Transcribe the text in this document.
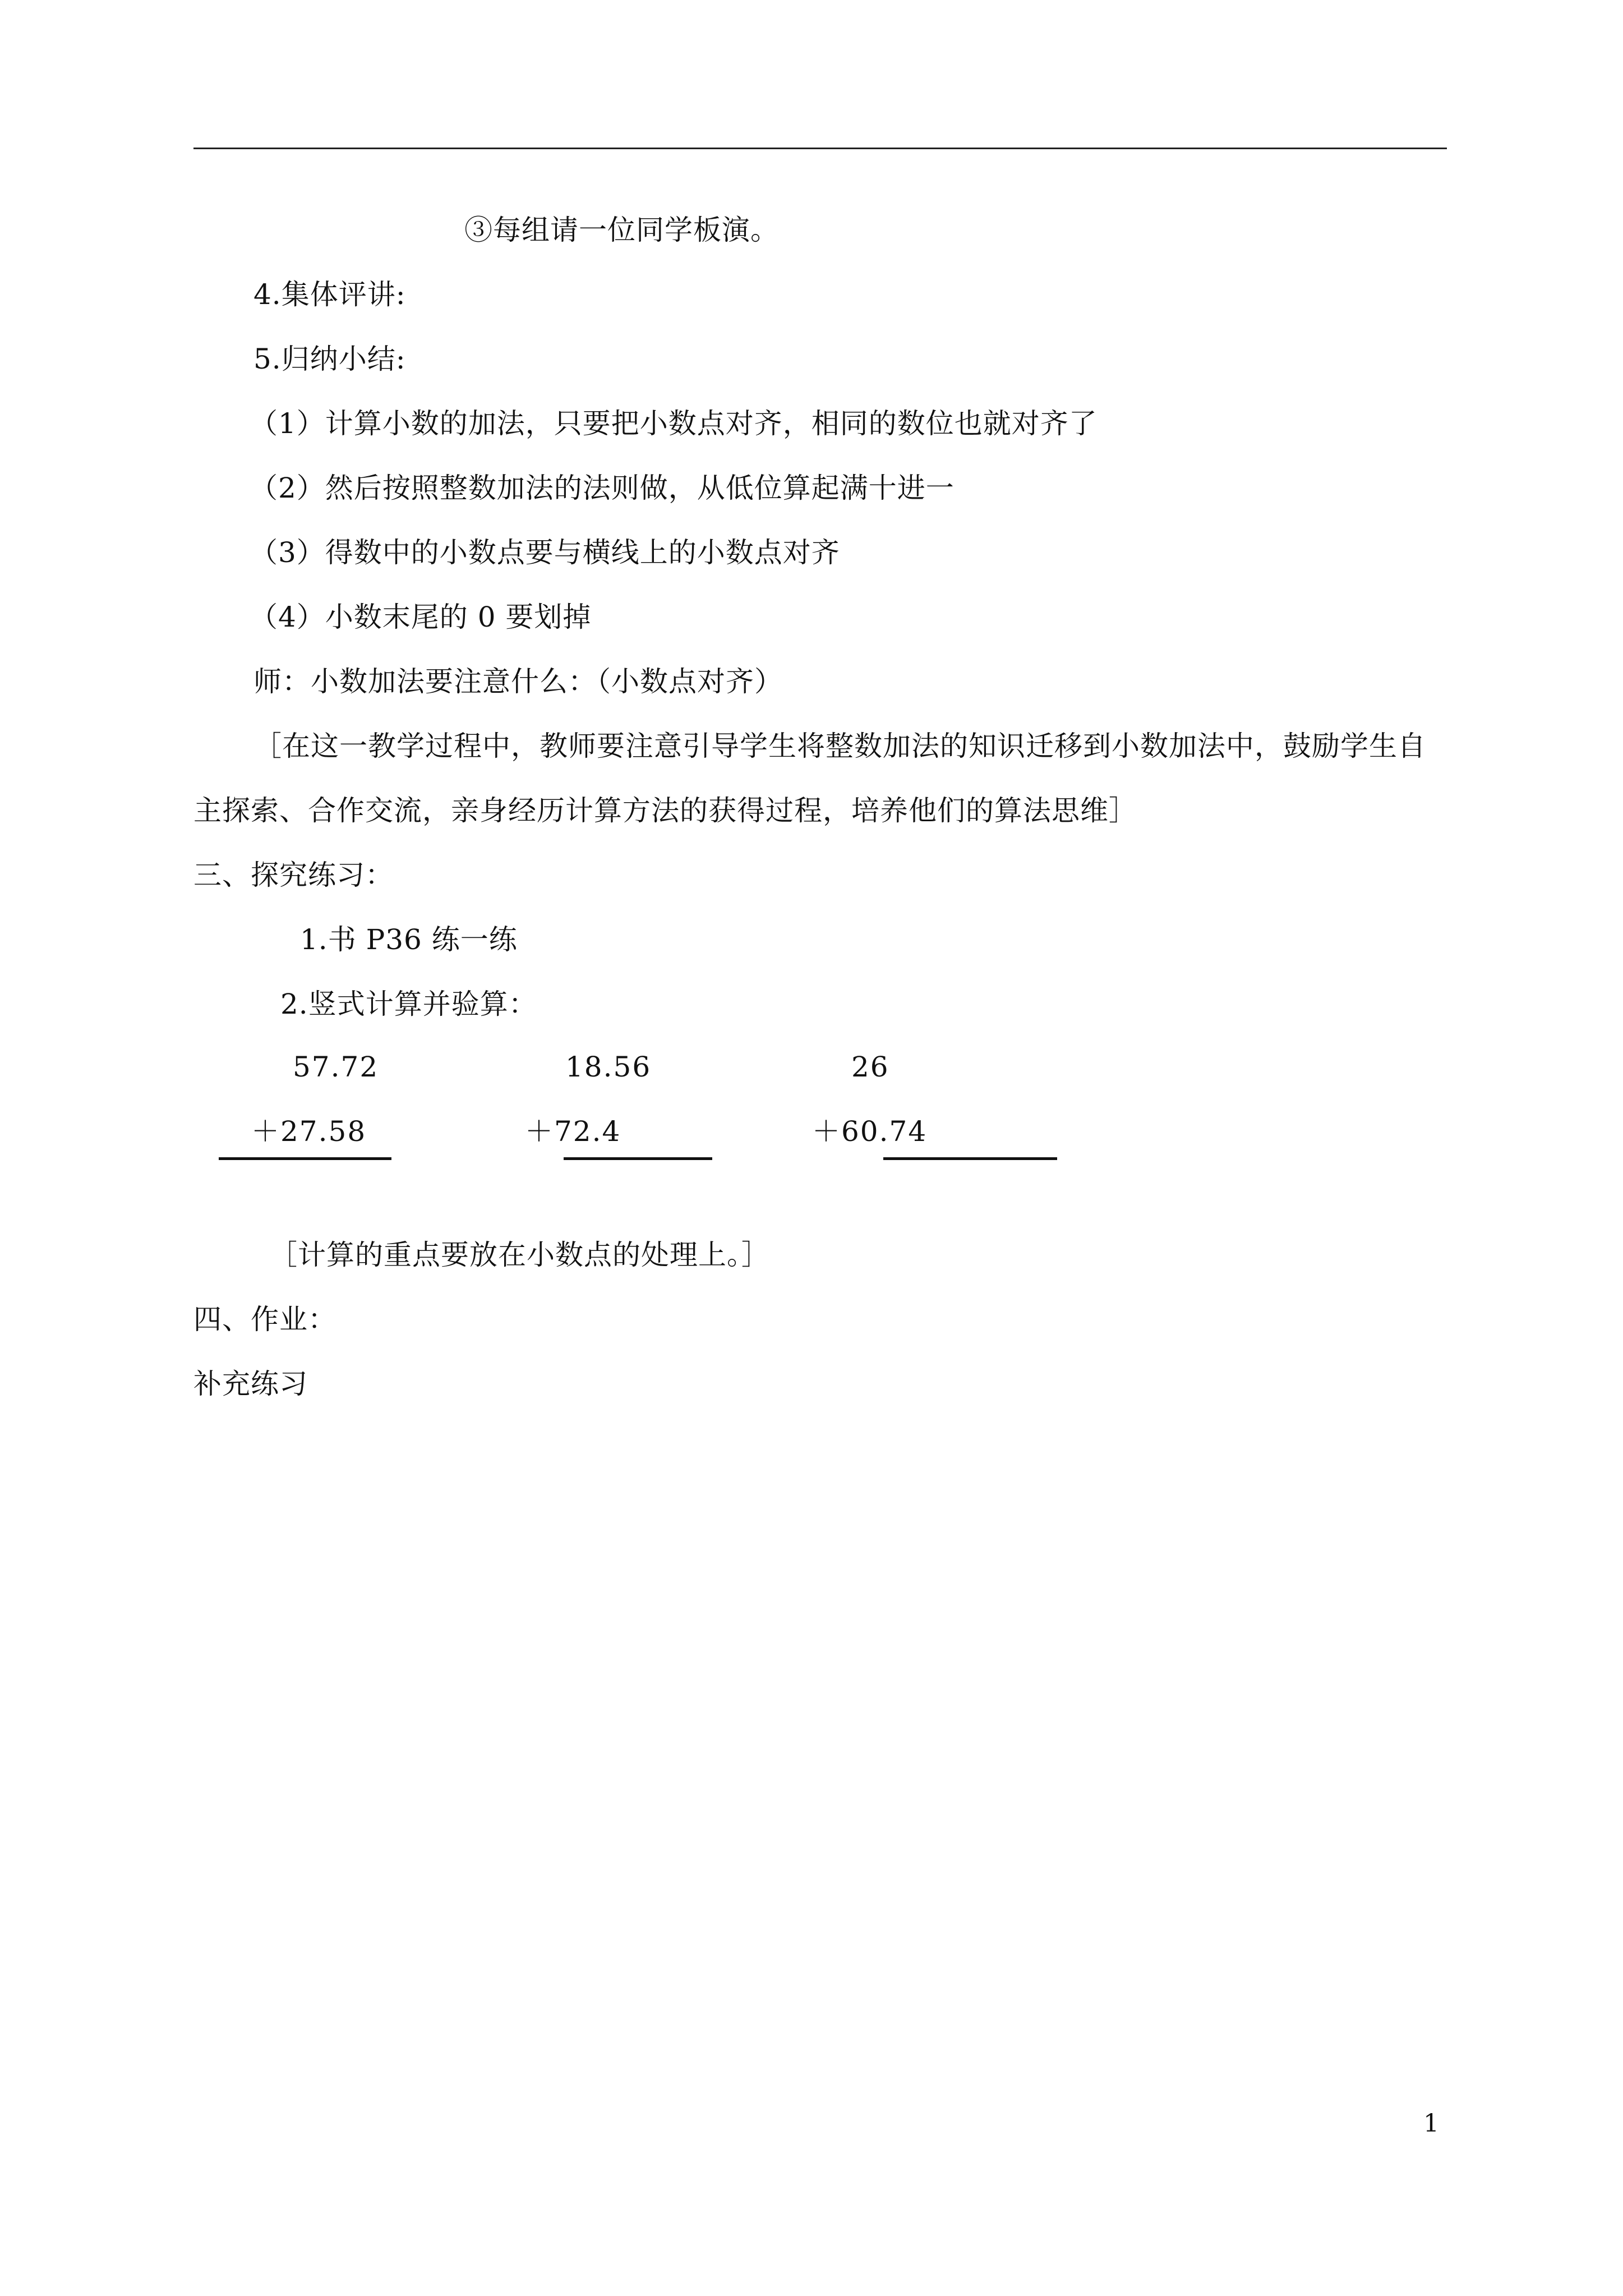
③每组请一位同学板演。
4.集体评讲:
5.归纳小结:
（1）计算小数的加法，只要把小数点对齐，相同的数位也就对齐了
（2）然后按照整数加法的法则做，从低位算起满十进一
（3）得数中的小数点要与横线上的小数点对齐
（4）小数末尾的 0 要划掉
师：小数加法要注意什么：（小数点对齐）
［在这一教学过程中，教师要注意引导学生将整数加法的知识迁移到小数加法中，鼓励学生自
主探索、合作交流，亲身经历计算方法的获得过程，培养他们的算法思维］
三、探究练习：
1.书 P36 练一练
2.竖式计算并验算：
57.72
＋27.58
18.56
＋72.4
26
＋60.74
［计算的重点要放在小数点的处理上。］
四、作业：
补充练习
1
